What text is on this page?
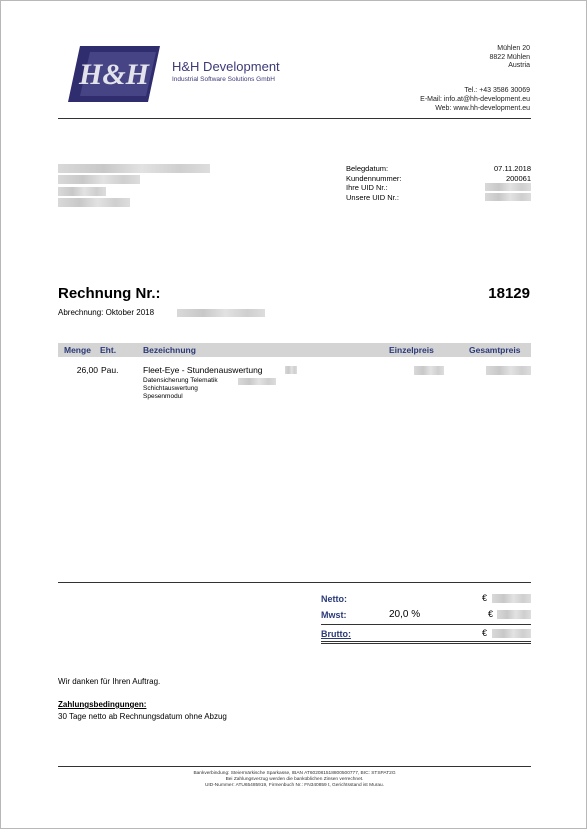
H&H H&H Development
Industrial Software Solutions GmbH
Mühlen 20
8822 Mühlen
Austria
Tel.: +43 3586 30069
E-Mail: info.at@hh-development.eu
Web: www.hh-development.eu
Belegdatum:	07.11.2018
Kundennummer:	200061
Ihre UID Nr.:
Unsere UID Nr.:
Rechnung Nr.:	18129
Abrechnung: Oktober 2018
Menge Eht.	Bezeichnung	Einzelpreis	Gesamtpreis
26,00 Pau.	Fleet-Eye - Stundenauswertung
Datensicherung Telematik
Schichtauswertung
Spesenmodul
Netto:	€
Mwst:	20,0 %	€
Brutto:	€
Wir danken für Ihren Auftrag.
Zahlungsbedingungen:
30 Tage netto ab Rechnungsdatum ohne Abzug
Bankverbindung: Steiermärkische Sparkasse, IBAN AT602081518800500777, BIC: STSPAT2G
Bei Zahlungsverzug werden die banküblichen Zinsen verrechnet.
UID-Nummer: ATU65485919, Firmenbuch Nr.: FN340859 t, Gerichtsstand ist Murau.
